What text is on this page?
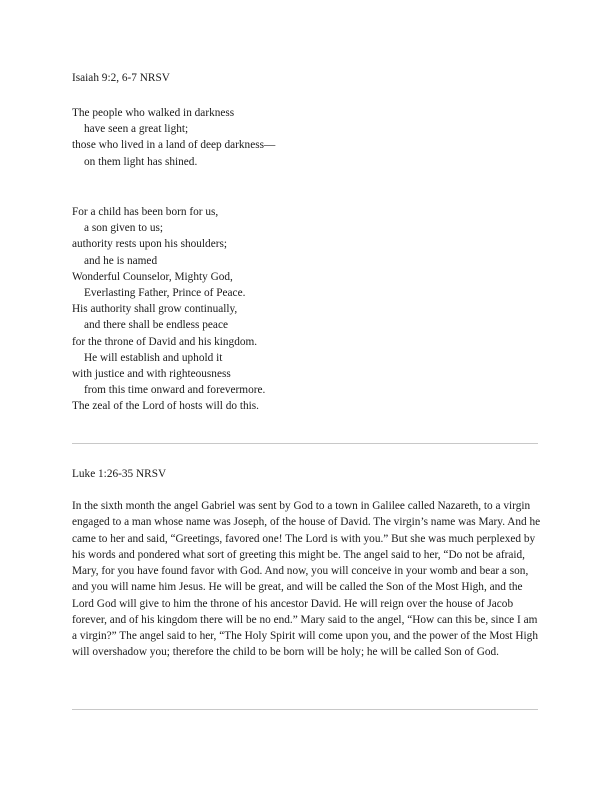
Isaiah 9:2, 6-7 NRSV
The people who walked in darkness
have seen a great light;
those who lived in a land of deep darkness—
on them light has shined.
For a child has been born for us,
a son given to us;
authority rests upon his shoulders;
and he is named
Wonderful Counselor, Mighty God,
Everlasting Father, Prince of Peace.
His authority shall grow continually,
and there shall be endless peace
for the throne of David and his kingdom.
He will establish and uphold it
with justice and with righteousness
from this time onward and forevermore.
The zeal of the Lord of hosts will do this.
Luke 1:26-35 NRSV
In the sixth month the angel Gabriel was sent by God to a town in Galilee called Nazareth, to a virgin engaged to a man whose name was Joseph, of the house of David. The virgin’s name was Mary. And he came to her and said, “Greetings, favored one! The Lord is with you.” But she was much perplexed by his words and pondered what sort of greeting this might be. The angel said to her, “Do not be afraid, Mary, for you have found favor with God. And now, you will conceive in your womb and bear a son, and you will name him Jesus. He will be great, and will be called the Son of the Most High, and the Lord God will give to him the throne of his ancestor David. He will reign over the house of Jacob forever, and of his kingdom there will be no end.” Mary said to the angel, “How can this be, since I am a virgin?” The angel said to her, “The Holy Spirit will come upon you, and the power of the Most High will overshadow you; therefore the child to be born will be holy; he will be called Son of God.
